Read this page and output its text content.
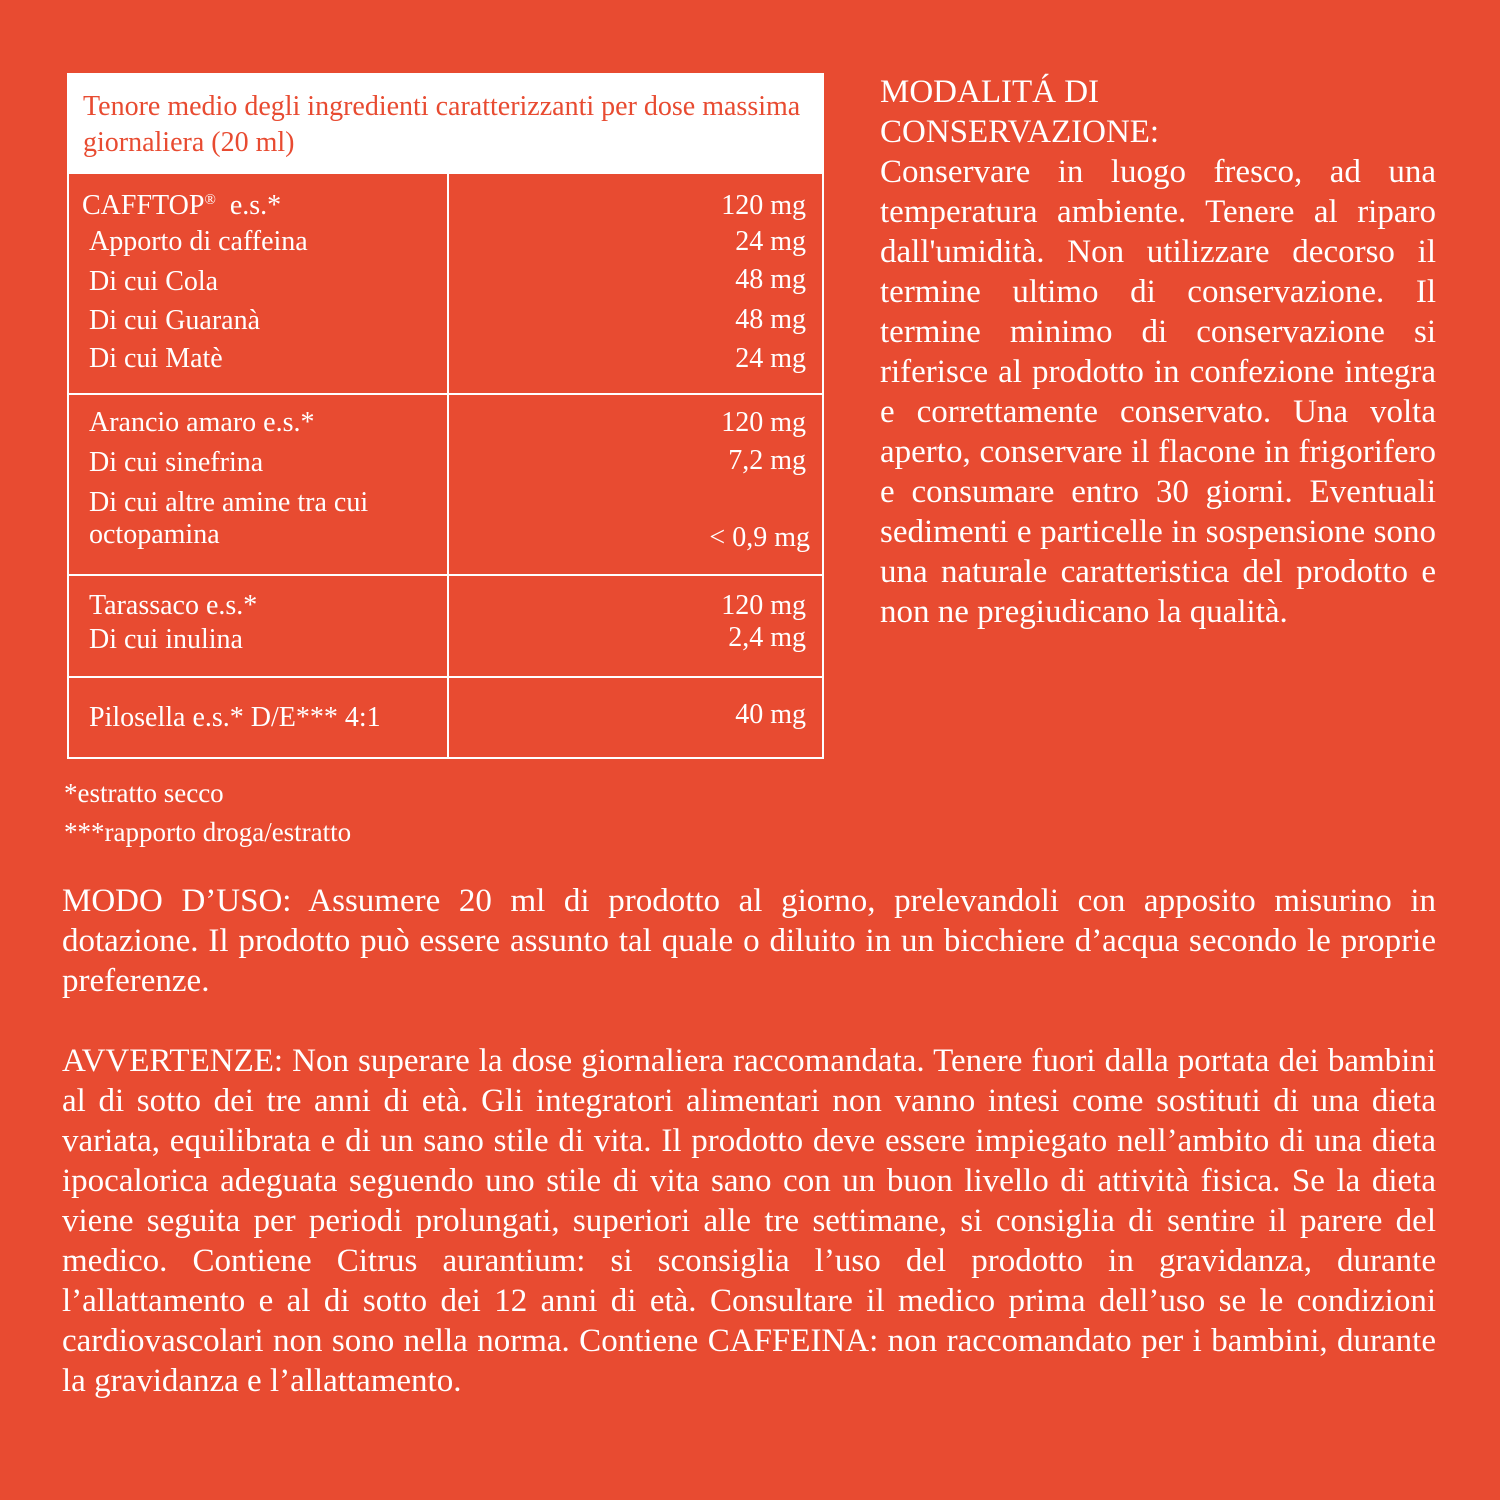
Tenore medio degli ingredienti caratterizzanti per dose massima giornaliera (20 ml)
CAFFTOP®  e.s.*	120 mg
Apporto di caffeina	24 mg
Di cui Cola	48 mg
Di cui Guaranà	48 mg
Di cui Matè	24 mg
Arancio amaro e.s.*	120 mg
Di cui sinefrina	7,2 mg
Di cui altre amine tra cui
octopamina	< 0,9 mg
Tarassaco e.s.*	120 mg
Di cui inulina	2,4 mg
Pilosella e.s.* D/E*** 4:1	40 mg
*estratto secco
***rapporto droga/estratto
MODALITÁ DI
CONSERVAZIONE:
Conservare in luogo fresco, ad una temperatura ambiente. Tenere al riparo dall'umidità. Non utilizzare decorso il termine ultimo di conservazione. Il termine minimo di conservazione si riferisce al prodotto in confezione integra e correttamente conservato. Una volta aperto, conservare il flacone in frigorifero e consumare entro 30 giorni. Eventuali sedimenti e particelle in sospensione sono una naturale caratteristica del prodotto e non ne pregiudicano la qualità.
MODO D’USO: Assumere 20 ml di prodotto al giorno, prelevandoli con apposito misurino in dotazione. Il prodotto può essere assunto tal quale o diluito in un bicchiere d’acqua secondo le proprie preferenze.
AVVERTENZE: Non superare la dose giornaliera raccomandata. Tenere fuori dalla portata dei bambini al di sotto dei tre anni di età. Gli integratori alimentari non vanno intesi come sostituti di una dieta variata, equilibrata e di un sano stile di vita. Il prodotto deve essere impiegato nell’ambito di una dieta ipocalorica adeguata seguendo uno stile di vita sano con un buon livello di attività fisica. Se la dieta viene seguita per periodi prolungati, superiori alle tre settimane, si consiglia di sentire il parere del medico. Contiene Citrus aurantium: si sconsiglia l’uso del prodotto in gravidanza, durante l’allattamento e al di sotto dei 12 anni di età. Consultare il medico prima dell’uso se le condizioni cardiovascolari non sono nella norma. Contiene CAFFEINA: non raccomandato per i bambini, durante la gravidanza e l’allattamento.
